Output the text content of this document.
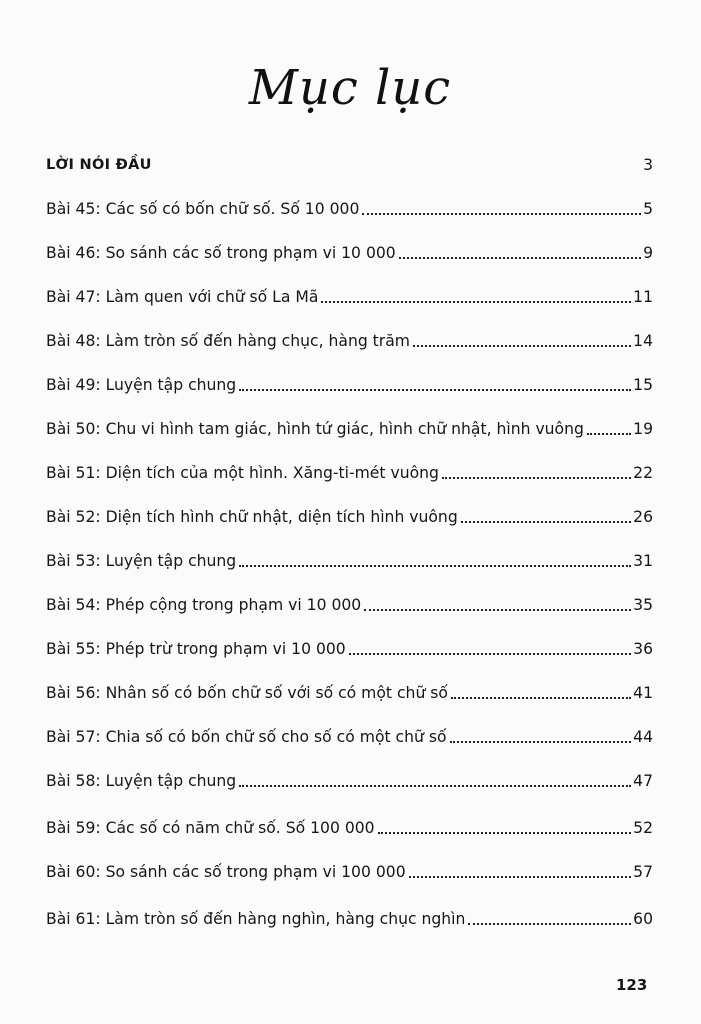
Mục lục
LỜI NÓI ĐẦU	3
Bài 45: Các số có bốn chữ số. Số 10 000	5
Bài 46: So sánh các số trong phạm vi 10 000	9
Bài 47: Làm quen với chữ số La Mã	11
Bài 48: Làm tròn số đến hàng chục, hàng trăm	14
Bài 49: Luyện tập chung	15
Bài 50: Chu vi hình tam giác, hình tứ giác, hình chữ nhật, hình vuông	19
Bài 51: Diện tích của một hình. Xăng-ti-mét vuông	22
Bài 52: Diện tích hình chữ nhật, diện tích hình vuông	26
Bài 53: Luyện tập chung	31
Bài 54: Phép cộng trong phạm vi 10 000	35
Bài 55: Phép trừ trong phạm vi 10 000	36
Bài 56: Nhân số có bốn chữ số với số có một chữ số	41
Bài 57: Chia số có bốn chữ số cho số có một chữ số	44
Bài 58: Luyện tập chung	47
Bài 59: Các số có năm chữ số. Số 100 000	52
Bài 60: So sánh các số trong phạm vi 100 000	57
Bài 61: Làm tròn số đến hàng nghìn, hàng chục nghìn	60
123
